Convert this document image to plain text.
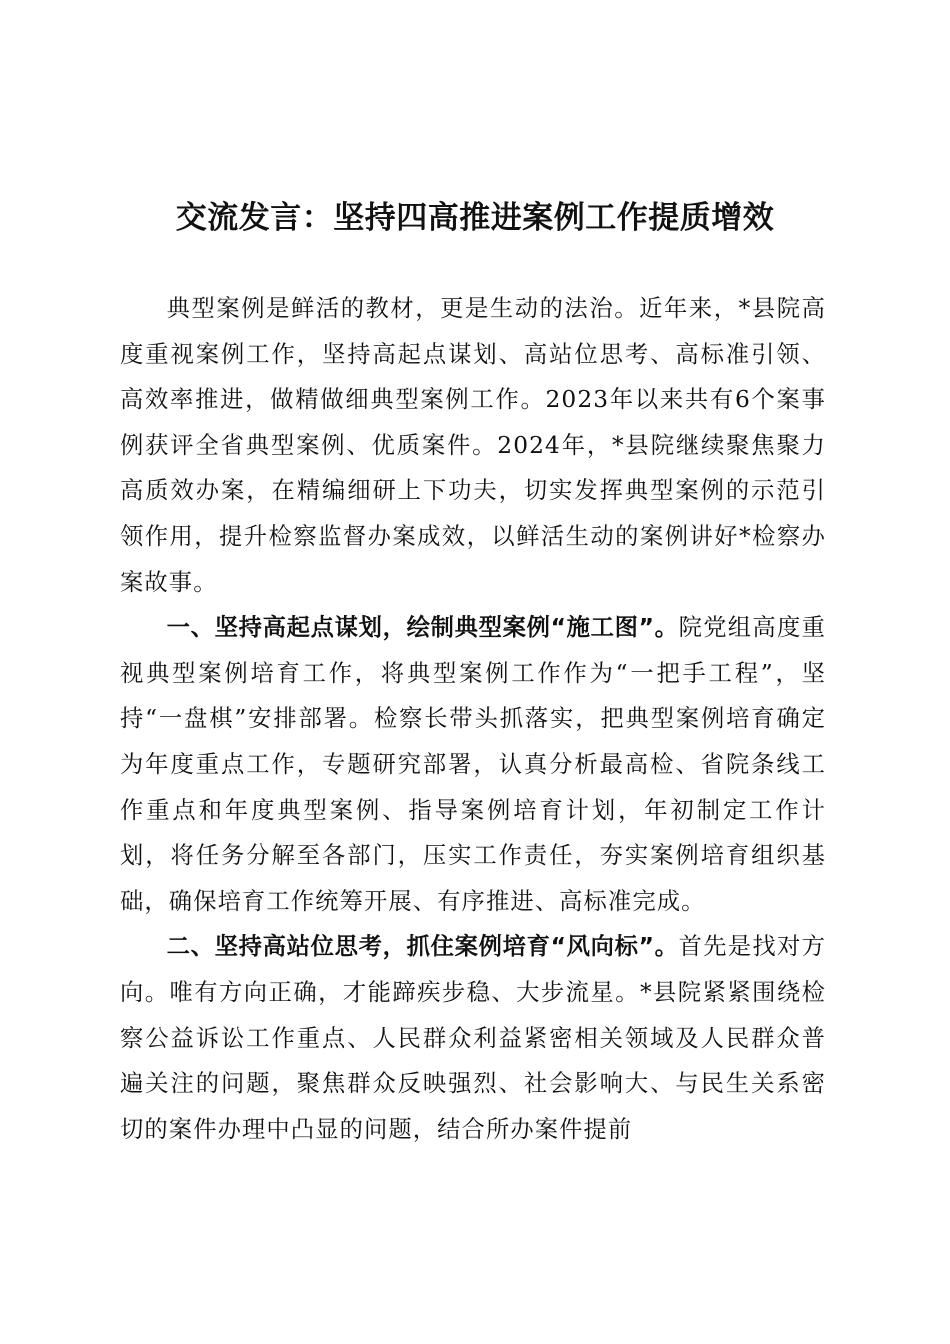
交流发言：坚持四高推进案例工作提质增效

典型案例是鲜活的教材，更是生动的法治。近年来，*县院高度重视案例工作，坚持高起点谋划、高站位思考、高标准引领、高效率推进，做精做细典型案例工作。2023年以来共有6个案事例获评全省典型案例、优质案件。2024年，*县院继续聚焦聚力高质效办案，在精编细研上下功夫，切实发挥典型案例的示范引领作用，提升检察监督办案成效，以鲜活生动的案例讲好*检察办案故事。

一、坚持高起点谋划，绘制典型案例“施工图”。院党组高度重视典型案例培育工作，将典型案例工作作为“一把手工程”，坚持“一盘棋”安排部署。检察长带头抓落实，把典型案例培育确定为年度重点工作，专题研究部署，认真分析最高检、省院条线工作重点和年度典型案例、指导案例培育计划，年初制定工作计划，将任务分解至各部门，压实工作责任，夯实案例培育组织基础，确保培育工作统筹开展、有序推进、高标准完成。

二、坚持高站位思考，抓住案例培育“风向标”。首先是找对方向。唯有方向正确，才能蹄疾步稳、大步流星。*县院紧紧围绕检察公益诉讼工作重点、人民群众利益紧密相关领域及人民群众普遍关注的问题，聚焦群众反映强烈、社会影响大、与民生关系密切的案件办理中凸显的问题，结合所办案件提前
